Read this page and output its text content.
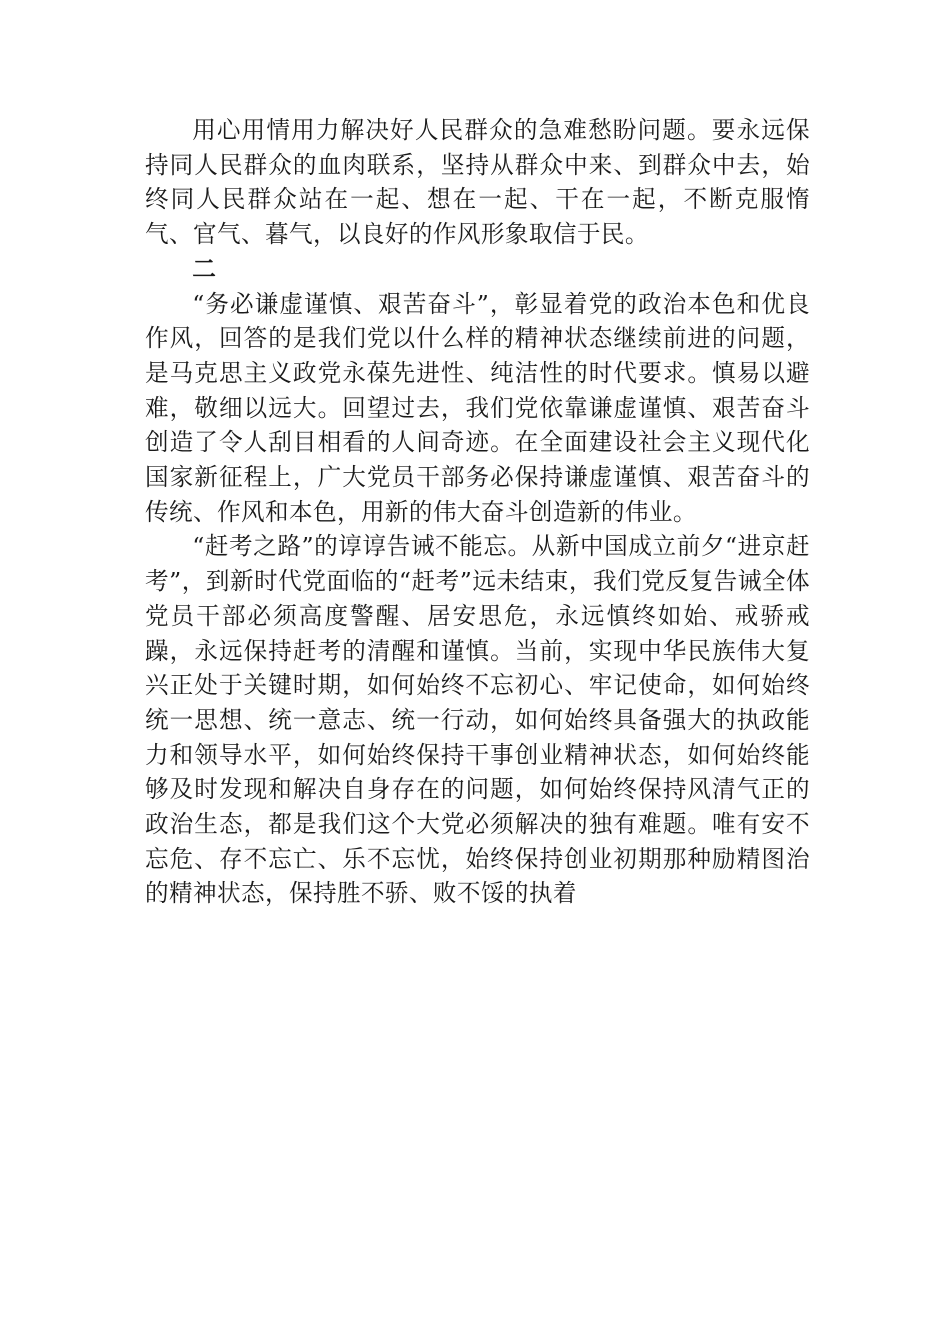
用心用情用力解决好人民群众的急难愁盼问题。要永远保持同人民群众的血肉联系，坚持从群众中来、到群众中去，始终同人民群众站在一起、想在一起、干在一起，不断克服惰气、官气、暮气，以良好的作风形象取信于民。

二

“务必谦虚谨慎、艰苦奋斗”，彰显着党的政治本色和优良作风，回答的是我们党以什么样的精神状态继续前进的问题，是马克思主义政党永葆先进性、纯洁性的时代要求。慎易以避难，敬细以远大。回望过去，我们党依靠谦虚谨慎、艰苦奋斗创造了令人刮目相看的人间奇迹。在全面建设社会主义现代化国家新征程上，广大党员干部务必保持谦虚谨慎、艰苦奋斗的传统、作风和本色，用新的伟大奋斗创造新的伟业。

“赶考之路”的谆谆告诫不能忘。从新中国成立前夕“进京赶考”，到新时代党面临的“赶考”远未结束，我们党反复告诫全体党员干部必须高度警醒、居安思危，永远慎终如始、戒骄戒躁，永远保持赶考的清醒和谨慎。当前，实现中华民族伟大复兴正处于关键时期，如何始终不忘初心、牢记使命，如何始终统一思想、统一意志、统一行动，如何始终具备强大的执政能力和领导水平，如何始终保持干事创业精神状态，如何始终能够及时发现和解决自身存在的问题，如何始终保持风清气正的政治生态，都是我们这个大党必须解决的独有难题。唯有安不忘危、存不忘亡、乐不忘忧，始终保持创业初期那种励精图治的精神状态，保持胜不骄、败不馁的执着
